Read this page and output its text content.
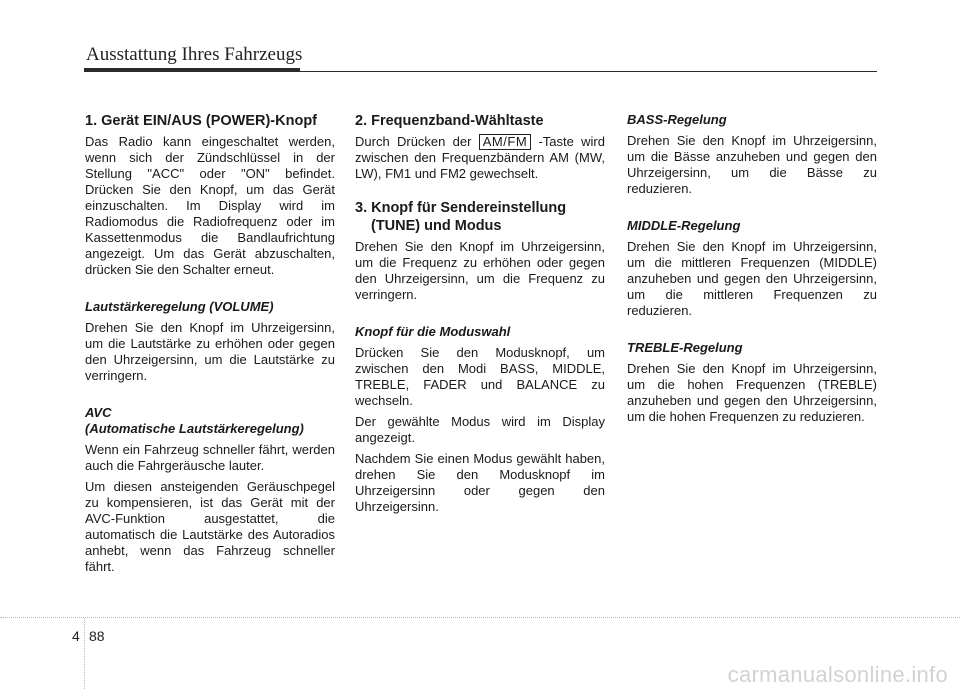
Ausstattung Ihres Fahrzeugs
1. Gerät EIN/AUS (POWER)-Knopf

Das Radio kann eingeschaltet werden, wenn sich der Zündschlüssel in der Stellung "ACC" oder "ON" befindet. Drücken Sie den Knopf, um das Gerät einzuschalten. Im Display wird im Radiomodus die Radiofrequenz oder im Kassettenmodus die Bandlaufrichtung angezeigt. Um das Gerät abzuschalten, drücken Sie den Schalter erneut.

Lautstärkeregelung (VOLUME)

Drehen Sie den Knopf im Uhrzeigersinn, um die Lautstärke zu erhöhen oder gegen den Uhrzeigersinn, um die Lautstärke zu verringern.

AVC
(Automatische Lautstärkeregelung)

Wenn ein Fahrzeug schneller fährt, werden auch die Fahrgeräusche lauter.

Um diesen ansteigenden Geräuschpegel zu kompensieren, ist das Gerät mit der AVC-Funktion ausgestattet, die automatisch die Lautstärke des Autoradios anhebt, wenn das Fahrzeug schneller fährt.

2. Frequenzband-Wähltaste

Durch Drücken der AM/FM -Taste wird zwischen den Frequenzbändern AM (MW, LW), FM1 und FM2 gewechselt.

3. Knopf für Sendereinstellung
(TUNE) und Modus

Drehen Sie den Knopf im Uhrzeigersinn, um die Frequenz zu erhöhen oder gegen den Uhrzeigersinn, um die Frequenz zu verringern.

Knopf für die Moduswahl

Drücken Sie den Modusknopf, um zwischen den Modi BASS, MIDDLE, TREBLE, FADER und BALANCE zu wechseln.

Der gewählte Modus wird im Display angezeigt.

Nachdem Sie einen Modus gewählt haben, drehen Sie den Modusknopf im Uhrzeigersinn oder gegen den Uhrzeigersinn.

BASS-Regelung

Drehen Sie den Knopf im Uhrzeigersinn, um die Bässe anzuheben und gegen den Uhrzeigersinn, um die Bässe zu reduzieren.

MIDDLE-Regelung

Drehen Sie den Knopf im Uhrzeigersinn, um die mittleren Frequenzen (MIDDLE) anzuheben und gegen den Uhrzeigersinn, um die mittleren Frequenzen zu reduzieren.

TREBLE-Regelung

Drehen Sie den Knopf im Uhrzeigersinn, um die hohen Frequenzen (TREBLE) anzuheben und gegen den Uhrzeigersinn, um die hohen Frequenzen zu reduzieren.

4 88
carmanualsonline.info
